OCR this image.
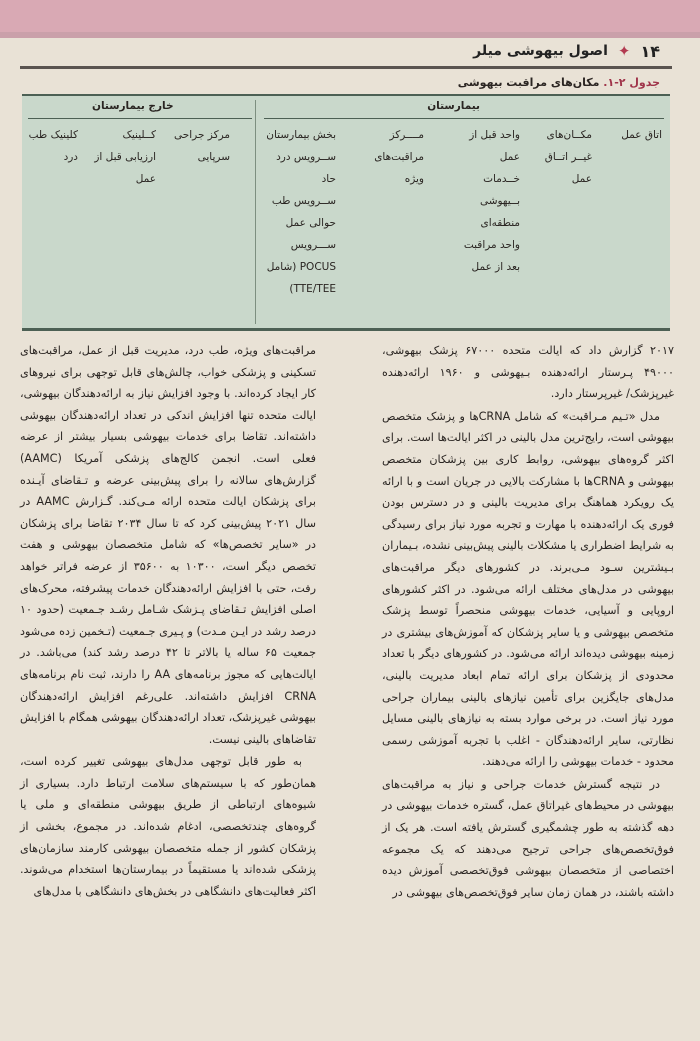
۱۴
✦
اصول بیهوشی میلر
جدول ۲-۱. مکان‌های مراقبت بیهوشی
بیمارستان
خارج بیمارستان
اتاق عمل
مکــان‌های
غیــر اتــاق
عمل
واحد قبل از
عمل
خــدمات
بــیهوشی
منطقه‌ای
واحد مراقبت
بعد از عمل
مــــرکز
مراقبت‌های
ویژه
بخش بیمارستان
ســرویس درد
حاد
ســرویس طب
حوالی عمل
ســـرویس
POCUS (شامل
TTE/TEE)
مرکز جراحی
سرپایی
کــلینیک
ارزیابی قبل از
عمل
کلینیک طب
درد

۲۰۱۷ گزارش داد که ایالت متحده ۶۷۰۰۰ پزشک بیهوشی، ۴۹۰۰۰ پـرستار ارائه‌دهنده بـیهوشی و ۱۹۶۰ ارائه‌دهنده غیرپزشک/ غیرپرستار دارد.

مدل «تـیم مـراقبت» که شامل CRNAها و پزشک متخصص بیهوشی است، رایج‌ترین مدل بالینی در اکثر ایالت‌ها است. برای اکثر گروه‌های بیهوشی، روابط کاری بین پزشکان متخصص بیهوشی و CRNAها با مشارکت بالایی در جریان است و با ارائه یک رویکرد هماهنگ برای مدیریت بالینی و در دسترس بودن فوری یک ارائه‌دهنده با مهارت و تجربه مورد نیاز برای رسیدگی به شرایط اضطراری یا مشکلات بالینی پیش‌بینی نشده، بـیماران بـیشترین سـود مـی‌برند. در کشورهای دیگر مراقبت‌های بیهوشی در مدل‌های مختلف ارائه می‌شود. در اکثر کشورهای اروپایی و آسیایی، خدمات بیهوشی منحصراً توسط پزشک متخصص بیهوشی و یا سایر پزشکان که آموزش‌های بیشتری در زمینه بیهوشی دیده‌اند ارائه می‌شود. در کشورهای دیگر با تعداد محدودی از پزشکان برای ارائه تمام ابعاد مدیریت بالینی، مدل‌های جایگزین برای تأمین نیازهای بالینی بیماران جراحی مورد نیاز است. در برخی موارد بسته به نیازهای بالینی مسایل نظارتی، سایر ارائه‌دهندگان - اغلب با تجربه آموزشی رسمی محدود - خدمات بیهوشی را ارائه می‌دهند.

در نتیجه گسترش خدمات جراحی و نیاز به مراقبت‌های بیهوشی در محیط‌های غیراتاق عمل، گستره خدمات بیهوشی در دهه گذشته به طور چشمگیری گسترش یافته است. هر یک از فوق‌تخصص‌های جراحی ترجیح می‌دهند که یک مجموعه اختصاصی از متخصصان بیهوشی فوق‌تخصصی آموزش دیده داشته باشند، در همان زمان سایر فوق‌تخصص‌های بیهوشی در

مراقبت‌های ویژه، طب درد، مدیریت قبل از عمل، مراقبت‌های تسکینی و پزشکی خواب، چالش‌های قابل توجهی برای نیروهای کار ایجاد کرده‌اند. با وجود افزایش نیاز به ارائه‌دهندگان بیهوشی، ایالت متحده تنها افزایش اندکی در تعداد ارائه‌دهندگان بیهوشی داشته‌اند. تقاضا برای خدمات بیهوشی بسیار بیشتر از عرضه فعلی است. انجمن کالج‌های پزشکی آمریکا (AAMC) گزارش‌های سالانه را برای پیش‌بینی عرضه و تـقاضای آیـنده برای پزشکان ایالت متحده ارائه مـی‌کند. گـزارش AAMC در سال ۲۰۲۱ پیش‌بینی کرد که تا سال ۲۰۳۴ تقاضا برای پزشکان در «سایر تخصص‌ها» که شامل متخصصان بیهوشی و هفت تخصص دیگر است، ۱۰۳۰۰ به ۳۵۶۰۰ از عرضه فراتر خواهد رفت، حتی با افزایش ارائه‌دهندگان خدمات پیشرفته، محرک‌های اصلی افزایش تـقاضای پـزشک شـامل رشـد جـمعیت (حدود ۱۰ درصد رشد در ایـن مـدت) و پـیری جـمعیت (تـخمین زده می‌شود جمعیت ۶۵ ساله یا بالاتر تا ۴۲ درصد رشد کند) می‌باشد. در ایالت‌هایی که مجوز برنامه‌های AA را دارند، ثبت نام برنامه‌های CRNA افزایش داشته‌اند. علی‌رغم افزایش ارائه‌دهندگان بیهوشی غیرپزشک، تعداد ارائه‌دهندگان بیهوشی همگام با افزایش تقاضاهای بالینی نیست.

به طور قابل توجهی مدل‌های بیهوشی تغییر کرده است، همان‌طور که با سیستم‌های سلامت ارتباط دارد. بسیاری از شیوه‌های ارتباطی از طریق بیهوشی منطقه‌ای و ملی یا گروه‌های چندتخصصی، ادغام شده‌اند. در مجموع، بخشی از پزشکان کشور از جمله متخصصان بیهوشی کارمند سازمان‌های پزشکی شده‌اند یا مستقیماً در بیمارستان‌ها استخدام می‌شوند. اکثر فعالیت‌های دانشگاهی در بخش‌های دانشگاهی با مدل‌های
